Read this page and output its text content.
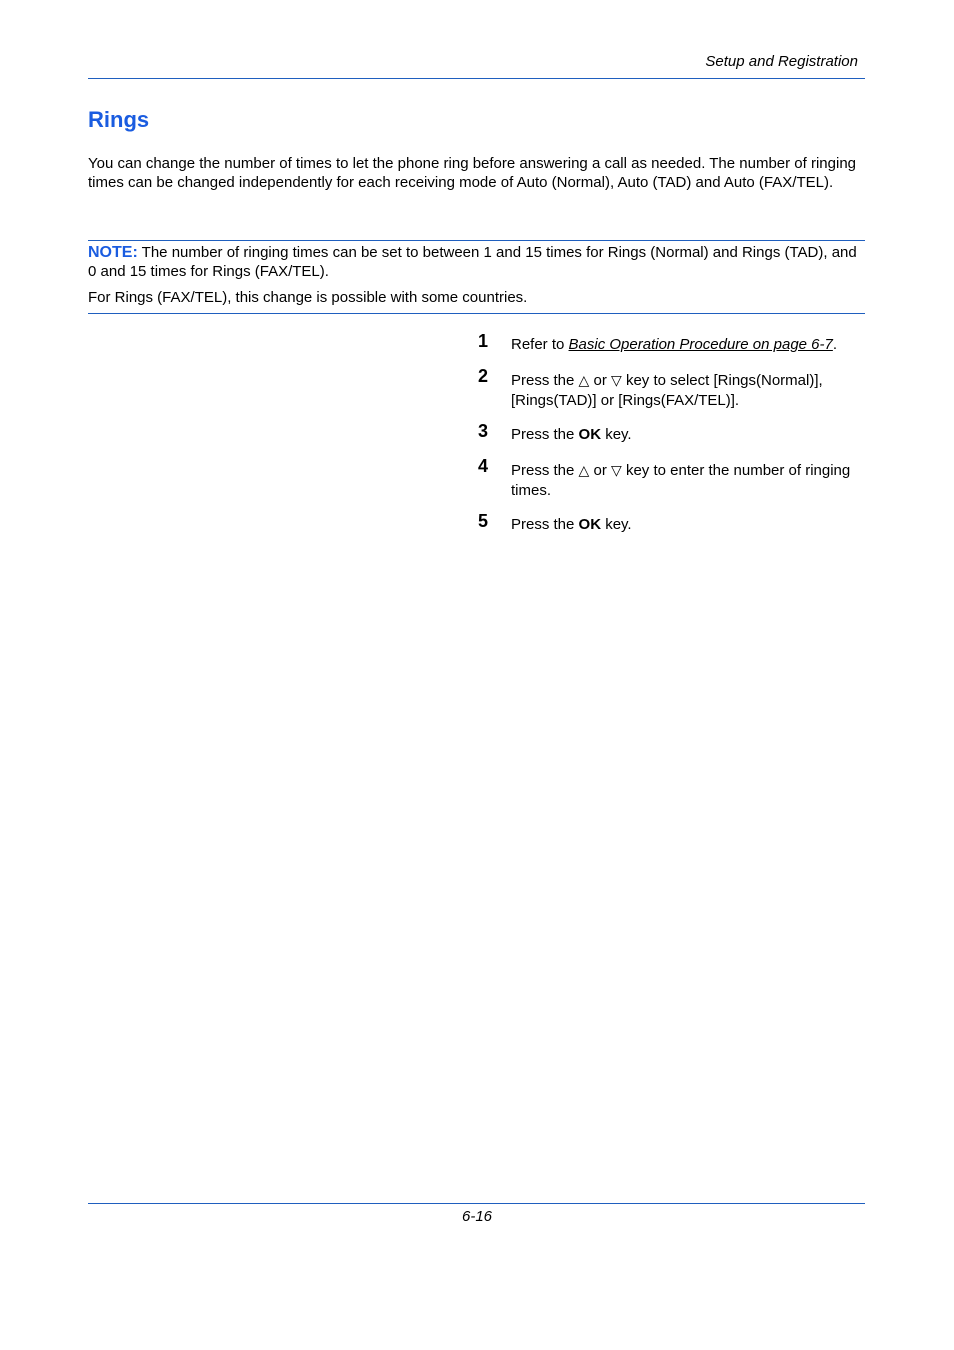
Setup and Registration
Rings

You can change the number of times to let the phone ring before answering a call as needed. The number of ringing times can be changed independently for each receiving mode of Auto (Normal), Auto (TAD) and Auto (FAX/TEL).

NOTE: The number of ringing times can be set to between 1 and 15 times for Rings (Normal) and Rings (TAD), and 0 and 15 times for Rings (FAX/TEL).

For Rings (FAX/TEL), this change is possible with some countries.

1 Refer to Basic Operation Procedure on page 6-7.
2 Press the △ or ▽ key to select [Rings(Normal)], [Rings(TAD)] or [Rings(FAX/TEL)].
3 Press the OK key.
4 Press the △ or ▽ key to enter the number of ringing times.
5 Press the OK key.
6-16
